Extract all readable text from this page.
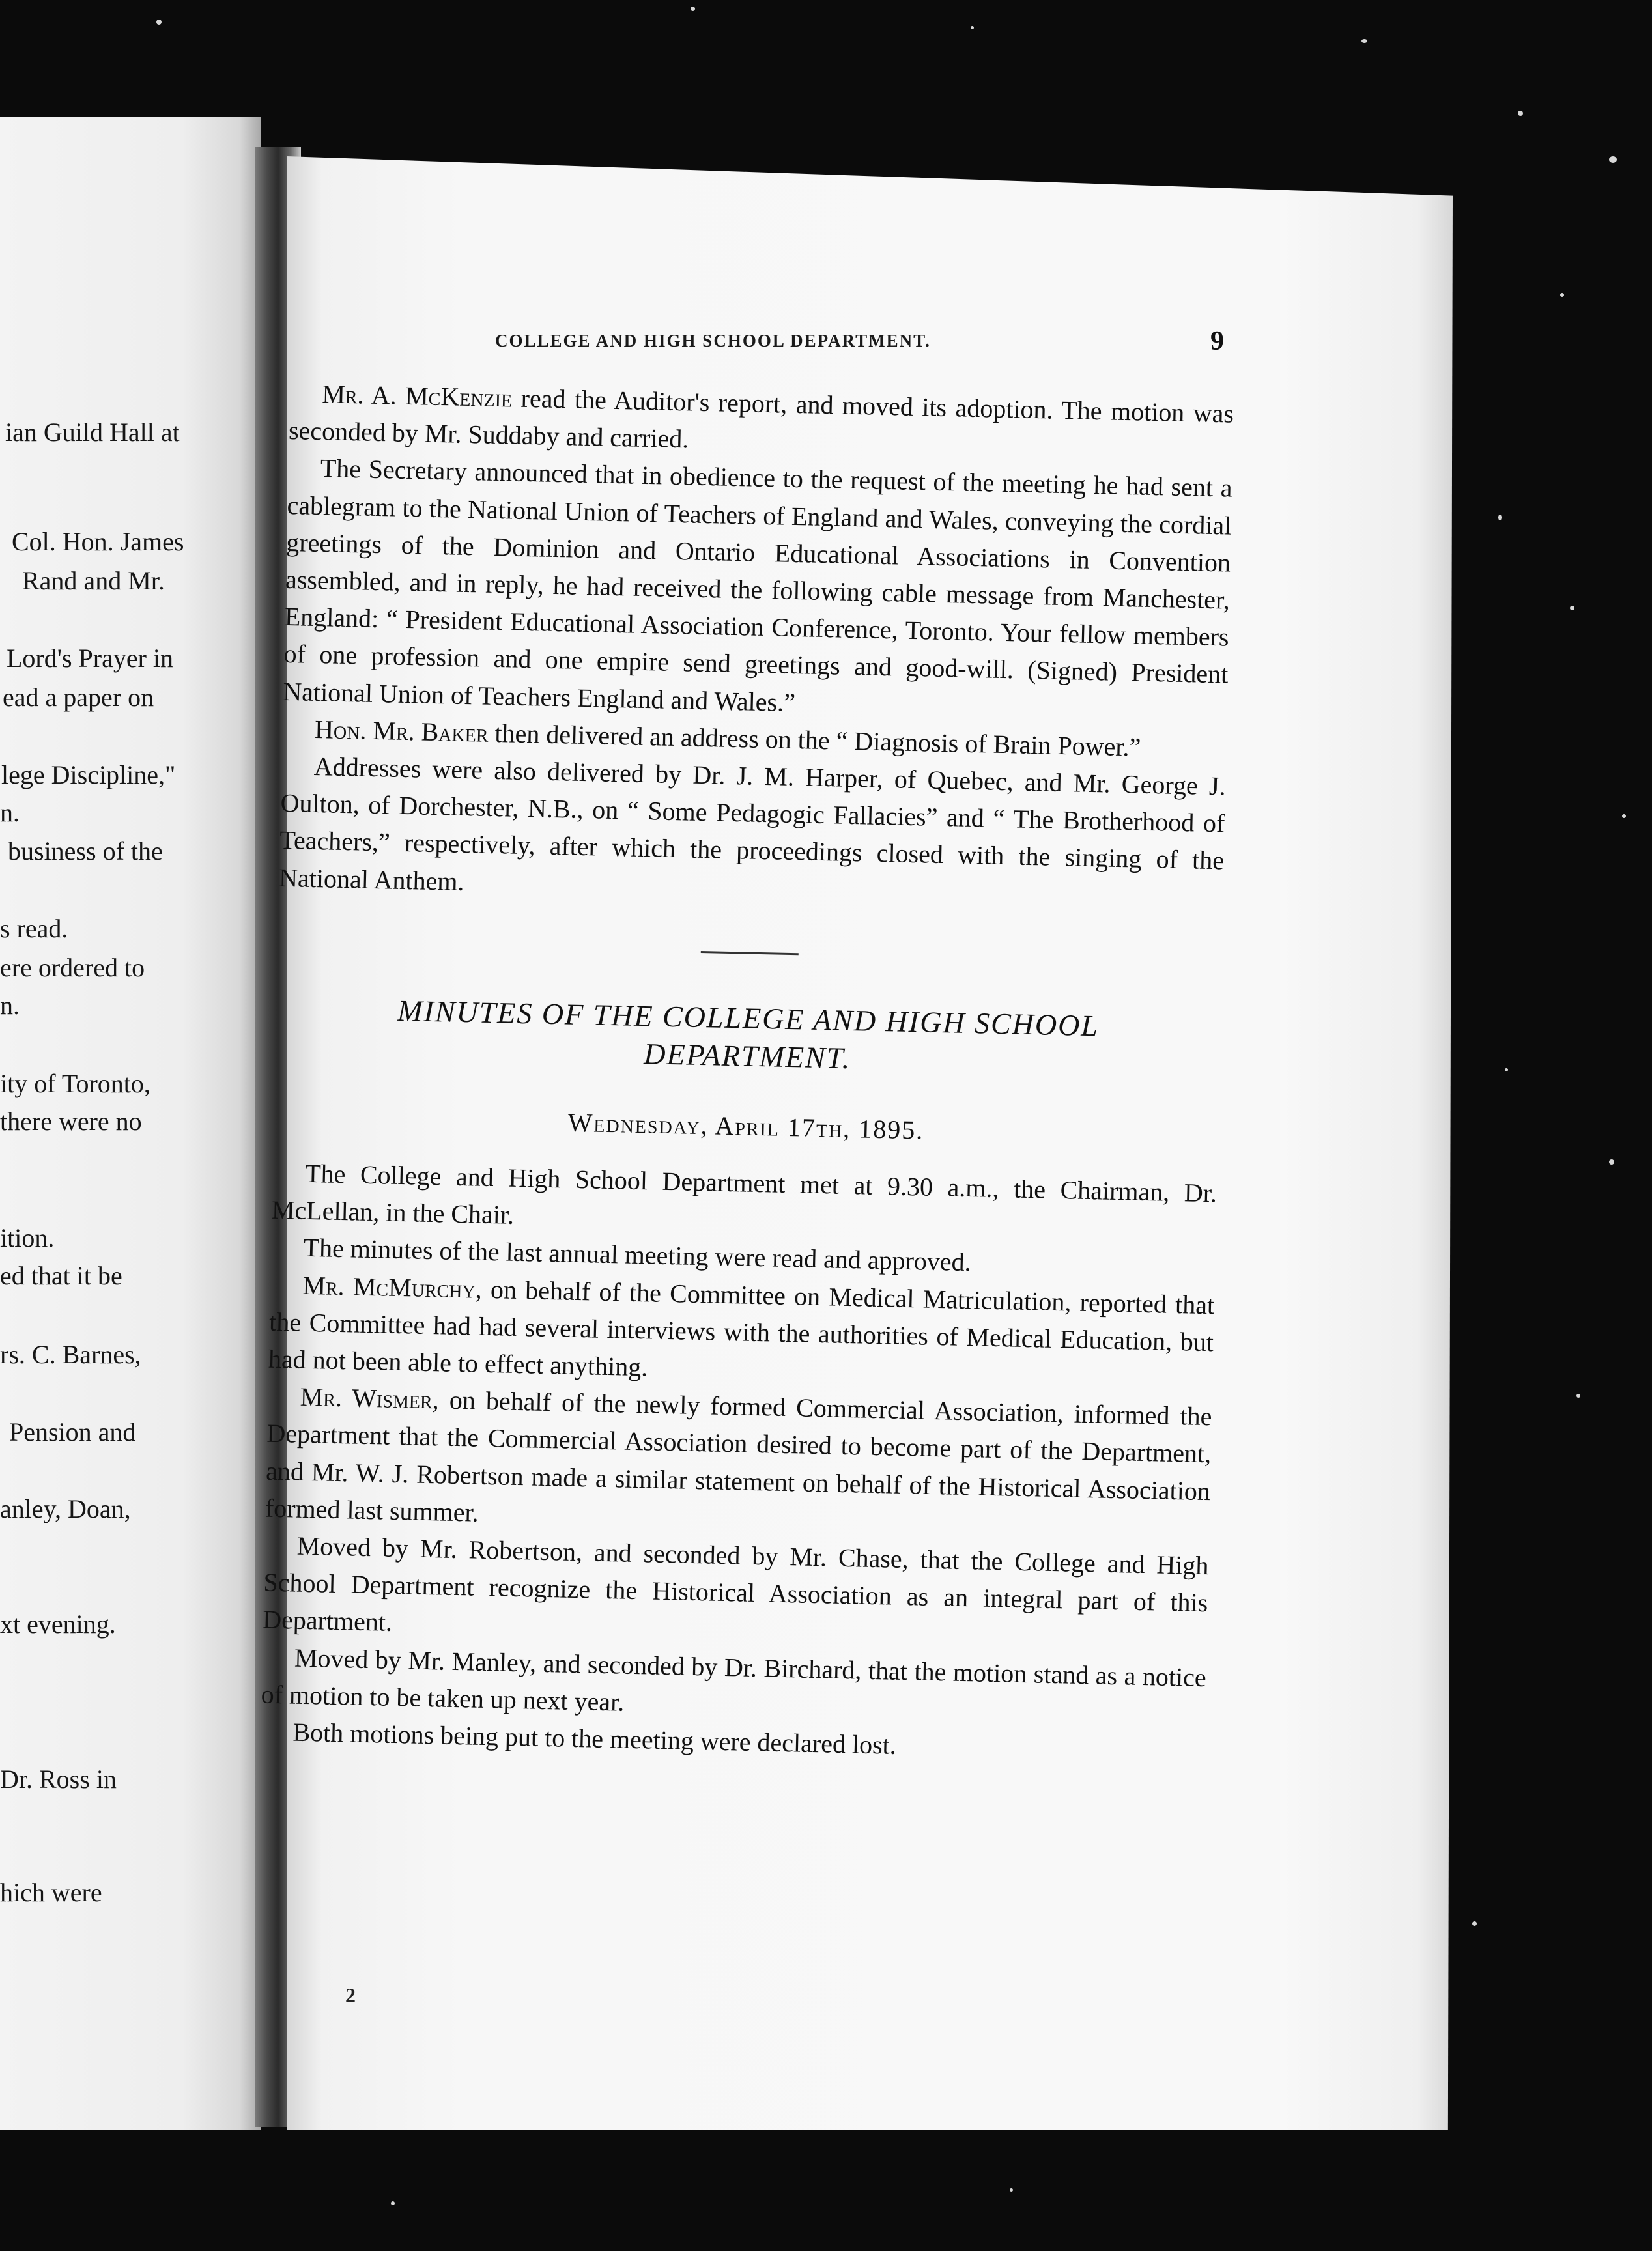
ian Guild Hall at
Col. Hon. James
Rand and Mr.
Lord's Prayer in
ead a paper on
lege Discipline,"
n.
business of the
s read.
ere ordered to
n.
ity of Toronto,
there were no
ition.
ed that it be
rs. C. Barnes,
Pension and
anley, Doan,
xt evening.
Dr. Ross in
hich were
COLLEGE AND HIGH SCHOOL DEPARTMENT.	9

Mr. A. McKenzie read the Auditor's report, and moved its adoption. The motion was seconded by Mr. Suddaby and carried.

The Secretary announced that in obedience to the request of the meeting he had sent a cablegram to the National Union of Teachers of England and Wales, conveying the cordial greetings of the Dominion and Ontario Educational Associations in Convention assembled, and in reply, he had received the following cable message from Manchester, England: “ President Educational Association Conference, Toronto. Your fellow members of one profession and one empire send greetings and good-will. (Signed) President National Union of Teachers England and Wales.”

Hon. Mr. Baker then delivered an address on the “ Diagnosis of Brain Power.”

Addresses were also delivered by Dr. J. M. Harper, of Quebec, and Mr. George J. Oulton, of Dorchester, N.B., on “ Some Pedagogic Fallacies” and “ The Brotherhood of Teachers,” respectively, after which the proceedings closed with the singing of the National Anthem.

MINUTES OF THE COLLEGE AND HIGH SCHOOL
DEPARTMENT.
Wednesday, April 17th, 1895.

The College and High School Department met at 9.30 a.m., the Chairman, Dr. McLellan, in the Chair.

The minutes of the last annual meeting were read and approved.

Mr. McMurchy, on behalf of the Committee on Medical Matriculation, reported that the Committee had had several interviews with the authorities of Medical Education, but had not been able to effect anything.

Mr. Wismer, on behalf of the newly formed Commercial Association, informed the Department that the Commercial Association desired to become part of the Department, and Mr. W. J. Robertson made a similar statement on behalf of the Historical Association formed last summer.

Moved by Mr. Robertson, and seconded by Mr. Chase, that the College and High School Department recognize the Historical Association as an integral part of this Department.

Moved by Mr. Manley, and seconded by Dr. Birchard, that the motion stand as a notice of motion to be taken up next year.

Both motions being put to the meeting were declared lost.

2
